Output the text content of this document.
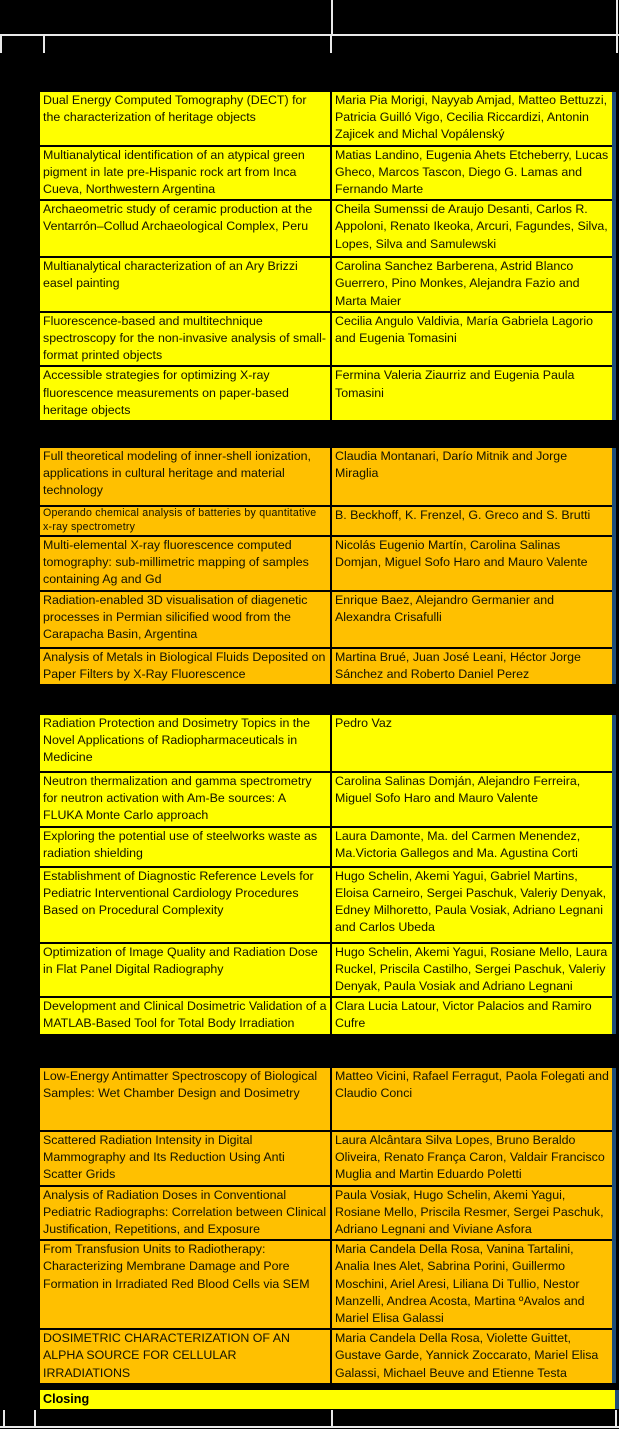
Dual Energy Computed Tomography (DECT) for the characterization of heritage objects
Maria Pia Morigi, Nayyab Amjad, Matteo Bettuzzi, Patricia Guilló Vigo, Cecilia Riccardizi, Antonin Zajicek and Michal Vopálenský
Multianalytical identification of an atypical green pigment in late pre-Hispanic rock art from Inca Cueva, Northwestern Argentina
Matias Landino, Eugenia Ahets Etcheberry, Lucas Gheco, Marcos Tascon, Diego G. Lamas and Fernando Marte
Archaeometric study of ceramic production at the Ventarrón–Collud Archaeological Complex, Peru
Cheila Sumenssi de Araujo Desanti, Carlos R. Appoloni, Renato Ikeoka, Arcuri, Fagundes, Silva, Lopes, Silva and Samulewski
Multianalytical characterization of an Ary Brizzi easel painting
Carolina Sanchez Barberena, Astrid Blanco Guerrero, Pino Monkes, Alejandra Fazio and Marta Maier
Fluorescence-based and multitechnique spectroscopy for the non-invasive analysis of small-format printed objects
Cecilia Angulo Valdivia, María Gabriela Lagorio and Eugenia Tomasini
Accessible strategies for optimizing X-ray fluorescence measurements on paper-based heritage objects
Fermina Valeria Ziaurriz and Eugenia Paula Tomasini
Full theoretical modeling of inner-shell ionization, applications in cultural heritage and material technology
Claudia Montanari, Darío Mitnik and Jorge Miraglia
Operando chemical analysis of batteries by quantitative x-ray spectrometry
B. Beckhoff, K. Frenzel, G. Greco and S. Brutti
Multi-elemental X-ray fluorescence computed tomography: sub-millimetric mapping of samples containing Ag and Gd
Nicolás Eugenio Martín, Carolina Salinas Domjan, Miguel Sofo Haro and Mauro Valente
Radiation-enabled 3D visualisation of diagenetic processes in Permian silicified wood from the Carapacha Basin, Argentina
Enrique Baez, Alejandro Germanier and Alexandra Crisafulli
Analysis of Metals in Biological Fluids Deposited on Paper Filters by X-Ray Fluorescence
Martina Brué, Juan José Leani, Héctor Jorge Sánchez and Roberto Daniel Perez
Radiation Protection and Dosimetry Topics in the Novel Applications of Radiopharmaceuticals in Medicine
Pedro Vaz
Neutron thermalization and gamma spectrometry for neutron activation with Am-Be sources: A FLUKA Monte Carlo approach
Carolina Salinas Domján, Alejandro Ferreira, Miguel Sofo Haro and Mauro Valente
Exploring the potential use of steelworks waste as radiation shielding
Laura Damonte, Ma. del Carmen Menendez, Ma.Victoria Gallegos and Ma. Agustina Corti
Establishment of Diagnostic Reference Levels for Pediatric Interventional Cardiology Procedures Based on Procedural Complexity
Hugo Schelin, Akemi Yagui, Gabriel Martins, Eloisa Carneiro, Sergei Paschuk, Valeriy Denyak, Edney Milhoretto, Paula Vosiak, Adriano Legnani and Carlos Ubeda
Optimization of Image Quality and Radiation Dose in Flat Panel Digital Radiography
Hugo Schelin, Akemi Yagui, Rosiane Mello, Laura Ruckel, Priscila Castilho, Sergei Paschuk, Valeriy Denyak, Paula Vosiak and Adriano Legnani
Development and Clinical Dosimetric Validation of a MATLAB-Based Tool for Total Body Irradiation
Clara Lucia Latour, Victor Palacios and Ramiro Cufre
Low-Energy Antimatter Spectroscopy of Biological Samples: Wet Chamber Design and Dosimetry
Matteo Vicini, Rafael Ferragut, Paola Folegati and Claudio Conci
Scattered Radiation Intensity in Digital Mammography and Its Reduction Using Anti Scatter Grids
Laura Alcântara Silva Lopes, Bruno Beraldo Oliveira, Renato França Caron, Valdair Francisco Muglia and Martin Eduardo Poletti
Analysis of Radiation Doses in Conventional Pediatric Radiographs: Correlation between Clinical Justification, Repetitions, and Exposure
Paula Vosiak, Hugo Schelin, Akemi Yagui, Rosiane Mello, Priscila Resmer, Sergei Paschuk, Adriano Legnani and Viviane Asfora
From Transfusion Units to Radiotherapy: Characterizing Membrane Damage and Pore Formation in Irradiated Red Blood Cells via SEM
Maria Candela Della Rosa, Vanina Tartalini, Analia Ines Alet, Sabrina Porini, Guillermo Moschini, Ariel Aresi, Liliana Di Tullio, Nestor Manzelli, Andrea Acosta, Martina ºAvalos and Mariel Elisa Galassi
DOSIMETRIC CHARACTERIZATION OF AN ALPHA SOURCE FOR CELLULAR IRRADIATIONS
Maria Candela Della Rosa, Violette Guittet, Gustave Garde, Yannick Zoccarato, Mariel Elisa Galassi, Michael Beuve and Etienne Testa
Closing
